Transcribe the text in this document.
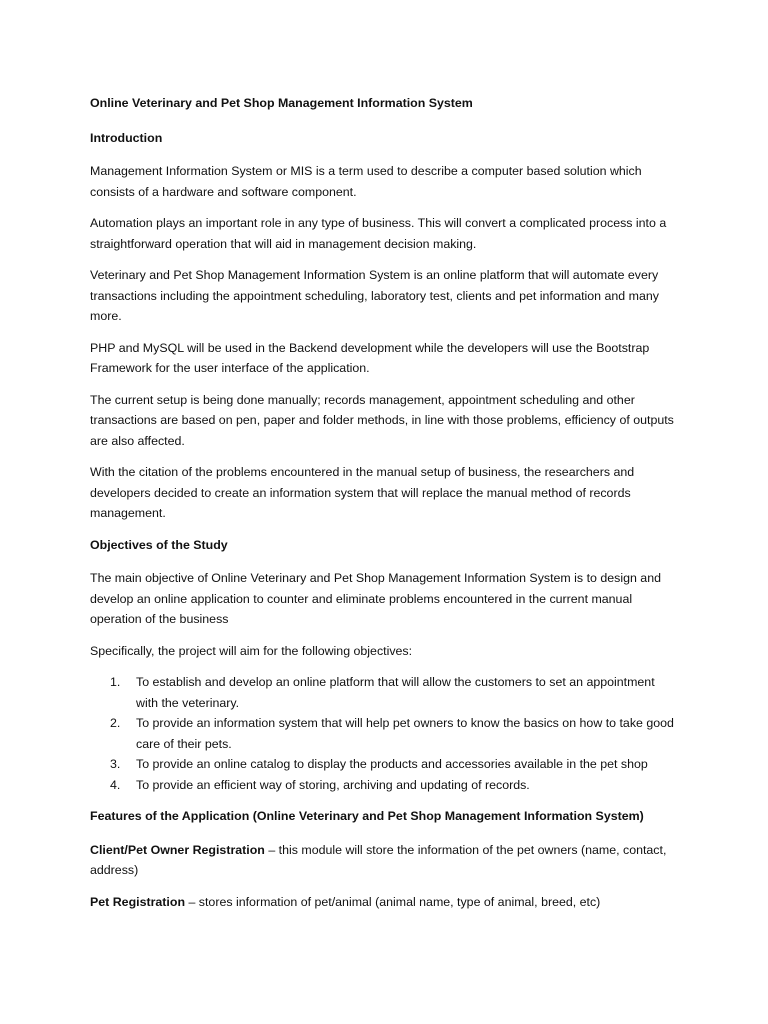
Online Veterinary and Pet Shop Management Information System

Introduction

Management Information System or MIS is a term used to describe a computer based solution which consists of a hardware and software component.

Automation plays an important role in any type of business. This will convert a complicated process into a straightforward operation that will aid in management decision making.

Veterinary and Pet Shop Management Information System is an online platform that will automate every transactions including the appointment scheduling, laboratory test, clients and pet information and many more.

PHP and MySQL will be used in the Backend development while the developers will use the Bootstrap Framework for the user interface of the application.

The current setup is being done manually; records management, appointment scheduling and other transactions are based on pen, paper and folder methods, in line with those problems, efficiency of outputs are also affected.

With the citation of the problems encountered in the manual setup of business, the researchers and developers decided to create an information system that will replace the manual method of records management.

Objectives of the Study

The main objective of Online Veterinary and Pet Shop Management Information System is to design and develop an online application to counter and eliminate problems encountered in the current manual operation of the business

Specifically, the project will aim for the following objectives:

1. To establish and develop an online platform that will allow the customers to set an appointment with the veterinary.
2. To provide an information system that will help pet owners to know the basics on how to take good care of their pets.
3. To provide an online catalog to display the products and accessories available in the pet shop
4. To provide an efficient way of storing, archiving and updating of records.

Features of the Application (Online Veterinary and Pet Shop Management Information System)

Client/Pet Owner Registration – this module will store the information of the pet owners (name, contact, address)

Pet Registration – stores information of pet/animal (animal name, type of animal, breed, etc)
